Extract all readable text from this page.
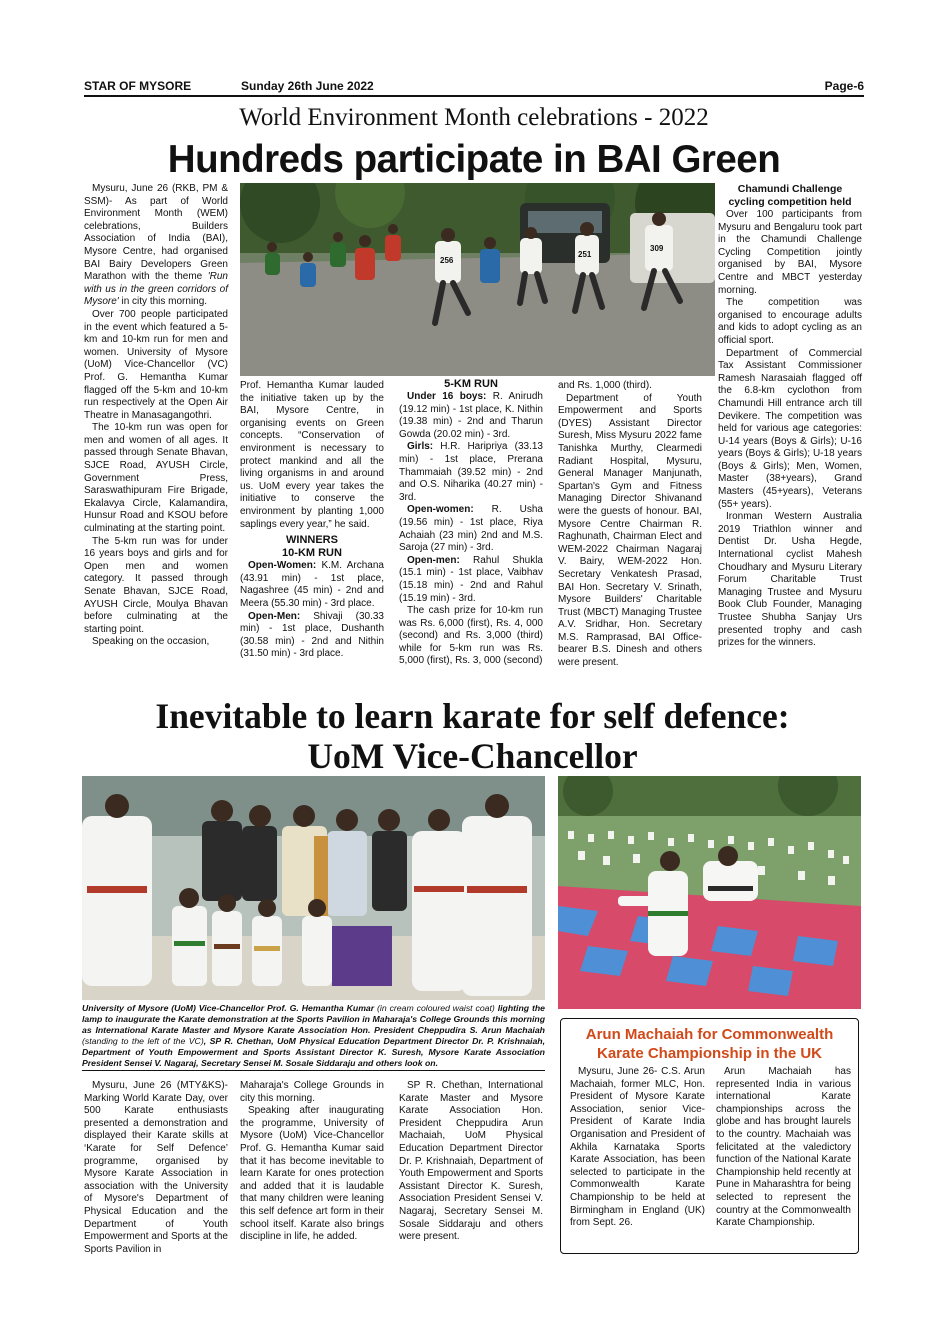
STAR OF MYSORE	Sunday 26th June 2022	Page-6
World Environment Month celebrations - 2022
Hundreds participate in BAI Green

Mysuru, June 26 (RKB, PM & SSM)- As part of World Environment Month (WEM) celebrations, Builders Association of India (BAI), Mysore Centre, had organised BAI Bairy Developers Green Marathon with the theme 'Run with us in the green corridors of Mysore' in city this morning.

Over 700 people participated in the event which featured a 5-km and 10-km run for men and women. University of Mysore (UoM) Vice-Chancellor (VC) Prof. G. Hemantha Kumar flagged off the 5-km and 10-km run respectively at the Open Air Theatre in Manasagangothri.

The 10-km run was open for men and women of all ages. It passed through Senate Bhavan, SJCE Road, AYUSH Circle, Government Press, Saraswathipuram Fire Brigade, Ekalavya Circle, Kalamandira, Hunsur Road and KSOU before culminating at the starting point.

The 5-km run was for under 16 years boys and girls and for Open men and women category. It passed through Senate Bhavan, SJCE Road, AYUSH Circle, Moulya Bhavan before culminating at the starting point.

Speaking on the occasion,

256
251
309

Prof. Hemantha Kumar lauded the initiative taken up by the BAI, Mysore Centre, in organising events on Green concepts. “Conservation of environment is necessary to protect mankind and all the living organisms in and around us. UoM every year takes the initiative to conserve the environment by planting 1,000 saplings every year,” he said.

WINNERS

10-KM RUN

Open-Women: K.M. Archana (43.91 min) - 1st place, Nagashree (45 min) - 2nd and Meera (55.30 min) - 3rd place.

Open-Men: Shivaji (30.33 min) - 1st place, Dushanth (30.58 min) - 2nd and Nithin (31.50 min) - 3rd place.

5-KM RUN

Under 16 boys: R. Anirudh (19.12 min) - 1st place, K. Nithin (19.38 min) - 2nd and Tharun Gowda (20.02 min) - 3rd.

Girls: H.R. Haripriya (33.13 min) - 1st place, Prerana Thammaiah (39.52 min) - 2nd and O.S. Niharika (40.27 min) - 3rd.

Open-women: R. Usha (19.56 min) - 1st place, Riya Achaiah (23 min) 2nd and M.S. Saroja (27 min) - 3rd.

Open-men: Rahul Shukla (15.1 min) - 1st place, Vaibhav (15.18 min) - 2nd and Rahul (15.19 min) - 3rd.

The cash prize for 10-km run was Rs. 6,000 (first), Rs. 4, 000 (second) and Rs. 3,000 (third) while for 5-km run was Rs. 5,000 (first), Rs. 3, 000 (second)

and Rs. 1,000 (third).

Department of Youth Empowerment and Sports (DYES) Assistant Director Suresh, Miss Mysuru 2022 fame Tanishka Murthy, Clearmedi Radiant Hospital, Mysuru, General Manager Manjunath, Spartan's Gym and Fitness Managing Director Shivanand were the guests of honour. BAI, Mysore Centre Chairman R. Raghunath, Chairman Elect and WEM-2022 Chairman Nagaraj V. Bairy, WEM-2022 Hon. Secretary Venkatesh Prasad, BAI Hon. Secretary V. Srinath, Mysore Builders' Charitable Trust (MBCT) Managing Trustee A.V. Sridhar, Hon. Secretary M.S. Ramprasad, BAI Office-bearer B.S. Dinesh and others were present.

Chamundi Challenge

cycling competition held

Over 100 participants from Mysuru and Bengaluru took part in the Chamundi Challenge Cycling Competition jointly organised by BAI, Mysore Centre and MBCT yesterday morning.

The competition was organised to encourage adults and kids to adopt cycling as an official sport.

Department of Commercial Tax Assistant Commissioner Ramesh Narasaiah flagged off the 6.8-km cyclothon from Chamundi Hill entrance arch till Devikere. The competition was held for various age categories: U-14 years (Boys & Girls); U-16 years (Boys & Girls); U-18 years (Boys & Girls); Men, Women, Master (38+years), Grand Masters (45+years), Veterans (55+ years).

Ironman Western Australia 2019 Triathlon winner and Dentist Dr. Usha Hegde, International cyclist Mahesh Choudhary and Mysuru Literary Forum Charitable Trust Managing Trustee and Mysuru Book Club Founder, Managing Trustee Shubha Sanjay Urs presented trophy and cash prizes for the winners.

Inevitable to learn karate for self defence:
UoM Vice-Chancellor
University of Mysore (UoM) Vice-Chancellor Prof. G. Hemantha Kumar (in cream coloured waist coat) lighting the lamp to inaugurate the Karate demonstration at the Sports Pavilion in Maharaja's College Grounds this morning as International Karate Master and Mysore Karate Association Hon. President Cheppudira S. Arun Machaiah (standing to the left of the VC), SP R. Chethan, UoM Physical Education Department Director Dr. P. Krishnaiah, Department of Youth Empowerment and Sports Assistant Director K. Suresh, Mysore Karate Association President Sensei V. Nagaraj, Secretary Sensei M. Sosale Siddaraju and others look on.

Mysuru, June 26 (MTY&KS)- Marking World Karate Day, over 500 Karate enthusiasts presented a demonstration and displayed their Karate skills at ‘Karate for Self Defence’ programme, organised by Mysore Karate Association in association with the University of Mysore's Department of Physical Education and the Department of Youth Empowerment and Sports at the Sports Pavilion in

Maharaja's College Grounds in city this morning.

Speaking after inaugurating the programme, University of Mysore (UoM) Vice-Chancellor Prof. G. Hemantha Kumar said that it has become inevitable to learn Karate for ones protection and added that it is laudable that many children were leaning this self defence art form in their school itself. Karate also brings discipline in life, he added.

SP R. Chethan, International Karate Master and Mysore Karate Association Hon. President Cheppudira Arun Machaiah, UoM Physical Education Department Director Dr. P. Krishnaiah, Department of Youth Empowerment and Sports Assistant Director K. Suresh, Association President Sensei V. Nagaraj, Secretary Sensei M. Sosale Siddaraju and others were present.

Arun Machaiah for Commonwealth
Karate Championship in the UK

Mysuru, June 26- C.S. Arun Machaiah, former MLC, Hon. President of Mysore Karate Association, senior Vice-President of Karate India Organisation and President of Akhila Karnataka Sports Karate Association, has been selected to participate in the Commonwealth Karate Championship to be held at Birmingham in England (UK) from Sept. 26.

Arun Machaiah has represented India in various international Karate championships across the globe and has brought laurels to the country. Machaiah was felicitated at the valedictory function of the National Karate Championship held recently at Pune in Maharashtra for being selected to represent the country at the Commonwealth Karate Championship.
